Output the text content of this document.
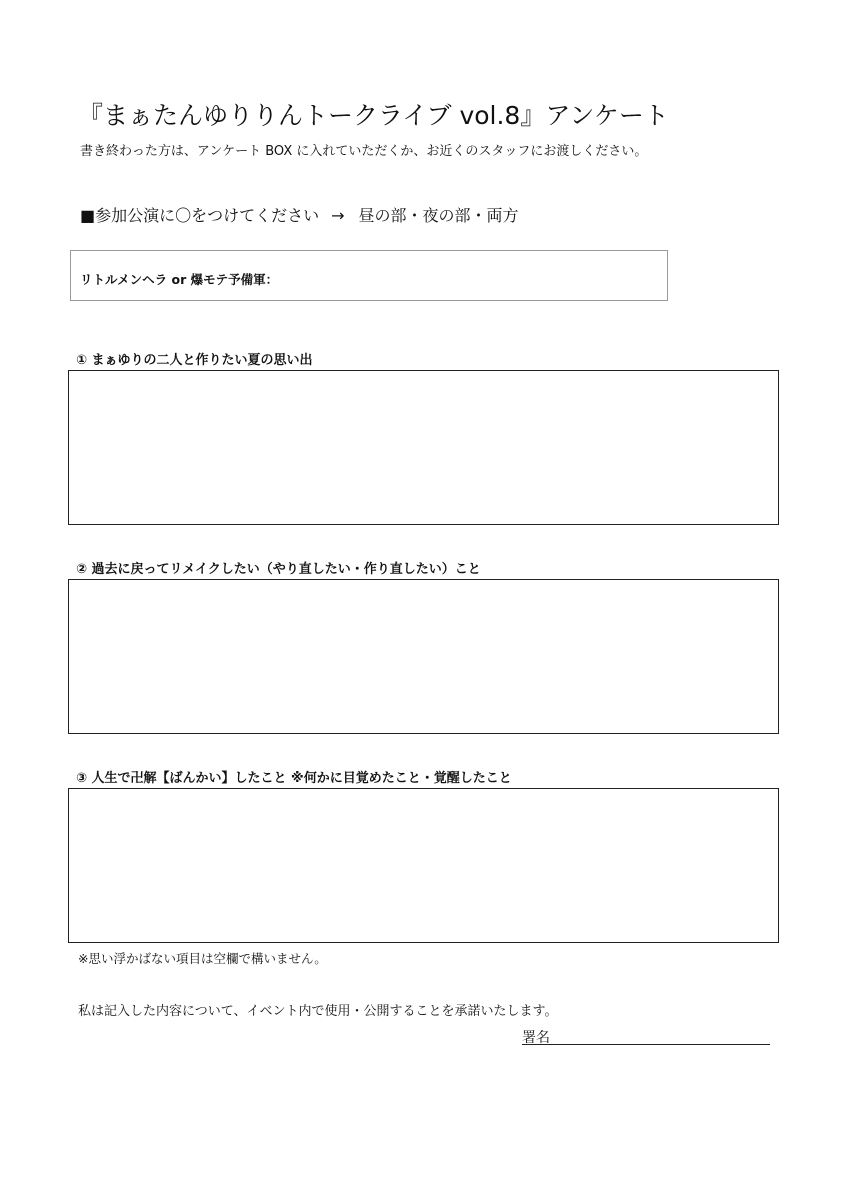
『まぁたんゆりりんトークライブ vol.8』アンケート
書き終わった方は、アンケート BOX に入れていただくか、お近くのスタッフにお渡しください。
■参加公演に〇をつけてください → 昼の部・夜の部・両方
リトルメンヘラ or 爆モテ予備軍：
① まぁゆりの二人と作りたい夏の思い出
② 過去に戻ってリメイクしたい（やり直したい・作り直したい）こと
③ 人生で卍解【ばんかい】したこと ※何かに目覚めたこと・覚醒したこと
※思い浮かばない項目は空欄で構いません。
私は記入した内容について、イベント内で使用・公開することを承諾いたします。
署名
